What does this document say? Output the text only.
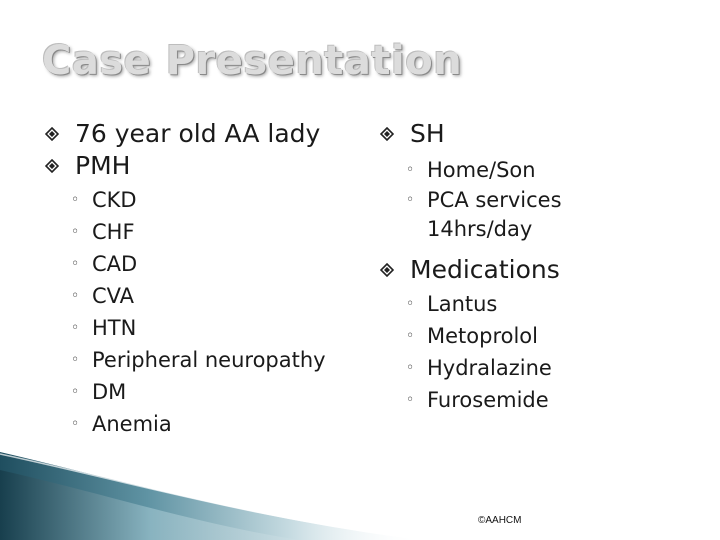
Case Presentation
76 year old AA lady
PMH
◦ CKD
◦ CHF
◦ CAD
◦ CVA
◦ HTN
◦ Peripheral neuropathy
◦ DM
◦ Anemia
SH
◦ Home/Son
◦ PCA services 14hrs/day
Medications
◦ Lantus
◦ Metoprolol
◦ Hydralazine
◦ Furosemide
©AAHCM
